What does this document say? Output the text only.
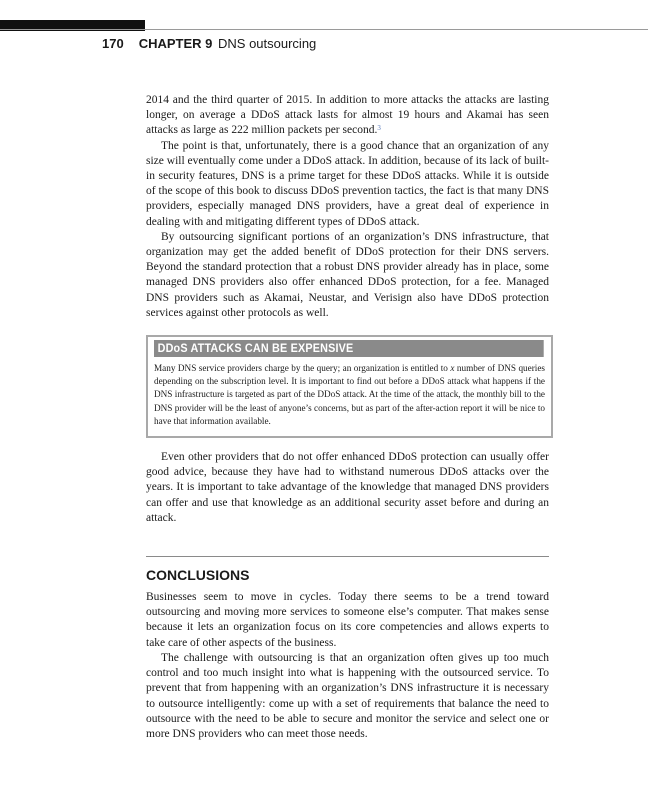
170 CHAPTER 9 DNS outsourcing

2014 and the third quarter of 2015. In addition to more attacks the attacks are lasting longer, on average a DDoS attack lasts for almost 19 hours and Akamai has seen attacks as large as 222 million packets per second.$^3$

The point is that, unfortunately, there is a good chance that an organization of any size will eventually come under a DDoS attack. In addition, because of its lack of built-in security features, DNS is a prime target for these DDoS attacks. While it is outside of the scope of this book to discuss DDoS prevention tactics, the fact is that many DNS providers, especially managed DNS providers, have a great deal of experience in dealing with and mitigating different types of DDoS attack.

By outsourcing significant portions of an organization’s DNS infrastructure, that organization may get the added benefit of DDoS protection for their DNS servers. Beyond the standard protection that a robust DNS provider already has in place, some managed DNS providers also offer enhanced DDoS protection, for a fee. Managed DNS providers such as Akamai, Neustar, and Verisign also have DDoS protection services against other protocols as well.

DDoS ATTACKS CAN BE EXPENSIVE
Many DNS service providers charge by the query; an organization is entitled to x number of DNS queries depending on the subscription level. It is important to find out before a DDoS attack what happens if the DNS infrastructure is targeted as part of the DDoS attack. At the time of the attack, the monthly bill to the DNS provider will be the least of anyone’s concerns, but as part of the after-action report it will be nice to have that information available.

Even other providers that do not offer enhanced DDoS protection can usually offer good advice, because they have had to withstand numerous DDoS attacks over the years. It is important to take advantage of the knowledge that managed DNS providers can offer and use that knowledge as an additional security asset before and during an attack.

CONCLUSIONS

Businesses seem to move in cycles. Today there seems to be a trend toward outsourcing and moving more services to someone else’s computer. That makes sense because it lets an organization focus on its core competencies and allows experts to take care of other aspects of the business.

The challenge with outsourcing is that an organization often gives up too much control and too much insight into what is happening with the outsourced service. To prevent that from happening with an organization’s DNS infrastructure it is necessary to outsource intelligently: come up with a set of requirements that balance the need to outsource with the need to be able to secure and monitor the service and select one or more DNS providers who can meet those needs.
